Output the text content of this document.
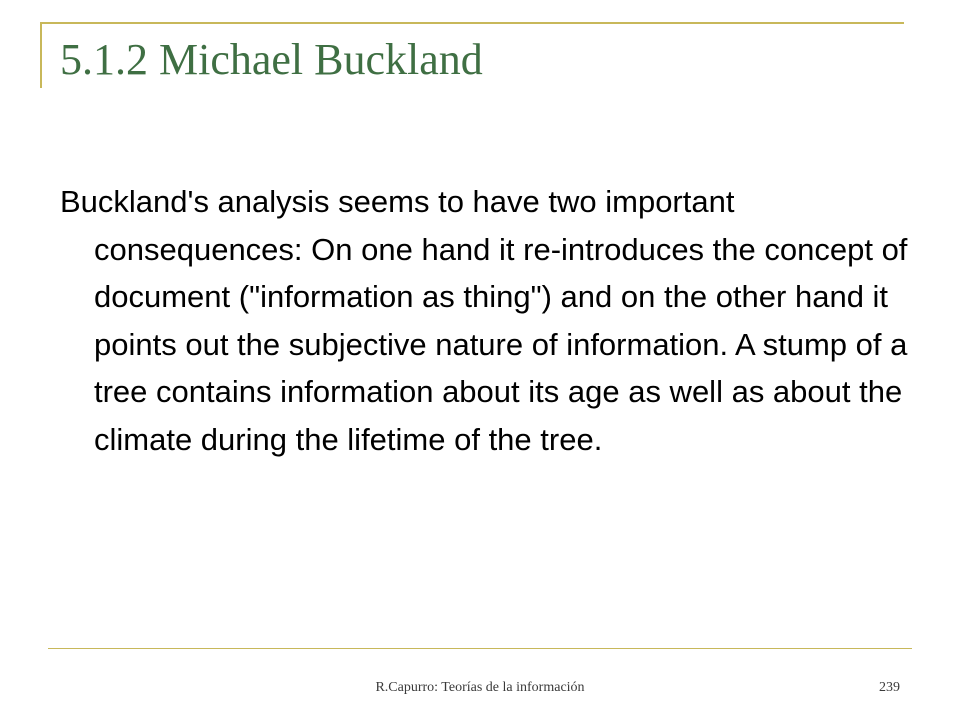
5.1.2 Michael Buckland

Buckland's analysis seems to have two important consequences: On one hand it re-introduces the concept of document ("information as thing") and on the other hand it points out the subjective nature of information. A stump of a tree contains information about its age as well as about the climate during the lifetime of the tree.

R.Capurro: Teorías de la información	239
